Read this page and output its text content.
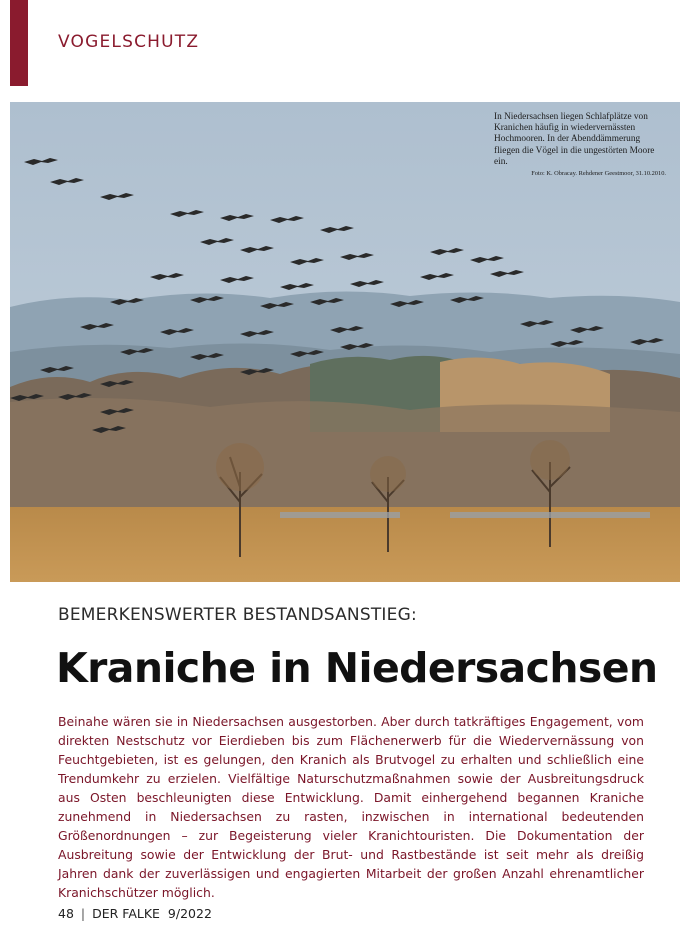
VOGELSCHUTZ
In Niedersachsen liegen Schlafplätze von Kranichen häufig in wiedervernässten Hochmooren. In der Abenddämmerung fliegen die Vögel in die ungestörten Moore ein.
Foto: K. Obracay. Rehdener Geestmoor, 31.10.2010.
BEMERKENSWERTER BESTANDSANSTIEG:
Kraniche in Niedersachsen

Beinahe wären sie in Niedersachsen ausgestorben. Aber durch tatkräftiges Engagement, vom direkten Nestschutz vor Eierdieben bis zum Flächenerwerb für die Wiedervernässung von Feuchtgebieten, ist es gelungen, den Kranich als Brutvogel zu erhalten und schließlich eine Trendumkehr zu erzielen. Vielfältige Naturschutzmaßnahmen sowie der Ausbreitungsdruck aus Osten beschleunigten diese Entwicklung. Damit einhergehend begannen Kraniche zunehmend in Niedersachsen zu rasten, inzwischen in international bedeutenden Größenordnungen – zur Begeisterung vieler Kranichtouristen. Die Dokumentation der Ausbreitung sowie der Entwicklung der Brut- und Rastbestände ist seit mehr als dreißig Jahren dank der zuverlässigen und engagierten Mitarbeit der großen Anzahl ehrenamtlicher Kranichschützer möglich.

48 | DER FALKE 9/2022
